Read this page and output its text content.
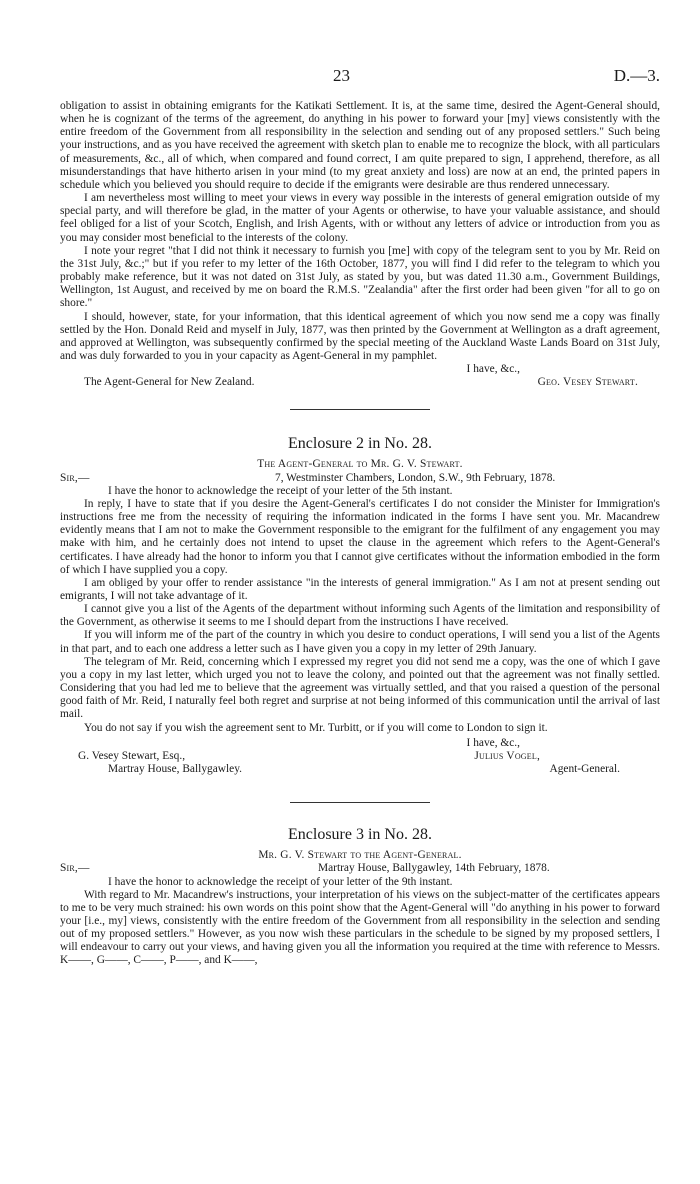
23	D.—3.

obligation to assist in obtaining emigrants for the Katikati Settlement. It is, at the same time, desired the Agent-General should, when he is cognizant of the terms of the agreement, do anything in his power to forward your [my] views consistently with the entire freedom of the Government from all responsibility in the selection and sending out of any proposed settlers." Such being your instructions, and as you have received the agreement with sketch plan to enable me to recognize the block, with all particulars of measurements, &c., all of which, when compared and found correct, I am quite prepared to sign, I apprehend, therefore, as all misunderstandings that have hitherto arisen in your mind (to my great anxiety and loss) are now at an end, the printed papers in schedule which you believed you should require to decide if the emigrants were desirable are thus rendered unnecessary.

I am nevertheless most willing to meet your views in every way possible in the interests of general emigration outside of my special party, and will therefore be glad, in the matter of your Agents or otherwise, to have your valuable assistance, and should feel obliged for a list of your Scotch, English, and Irish Agents, with or without any letters of advice or introduction from you as you may consider most beneficial to the interests of the colony.

I note your regret "that I did not think it necessary to furnish you [me] with copy of the telegram sent to you by Mr. Reid on the 31st July, &c.;" but if you refer to my letter of the 16th October, 1877, you will find I did refer to the telegram to which you probably make reference, but it was not dated on 31st July, as stated by you, but was dated 11.30 a.m., Government Buildings, Wellington, 1st August, and received by me on board the R.M.S. "Zealandia" after the first order had been given "for all to go on shore."

I should, however, state, for your information, that this identical agreement of which you now send me a copy was finally settled by the Hon. Donald Reid and myself in July, 1877, was then printed by the Government at Wellington as a draft agreement, and approved at Wellington, was subsequently confirmed by the special meeting of the Auckland Waste Lands Board on 31st July, and was duly forwarded to you in your capacity as Agent-General in my pamphlet.

I have, &c.,
The Agent-General for New Zealand.	Geo. Vesey Stewart.
Enclosure 2 in No. 28.
The Agent-General to Mr. G. V. Stewart.
Sir,—	7, Westminster Chambers, London, S.W., 9th February, 1878.

I have the honor to acknowledge the receipt of your letter of the 5th instant.

In reply, I have to state that if you desire the Agent-General's certificates I do not consider the Minister for Immigration's instructions free me from the necessity of requiring the information indicated in the forms I have sent you. Mr. Macandrew evidently means that I am not to make the Government responsible to the emigrant for the fulfilment of any engagement you may make with him, and he certainly does not intend to upset the clause in the agreement which refers to the Agent-General's certificates. I have already had the honor to inform you that I cannot give certificates without the information embodied in the form of which I have supplied you a copy.

I am obliged by your offer to render assistance "in the interests of general immigration." As I am not at present sending out emigrants, I will not take advantage of it.

I cannot give you a list of the Agents of the department without informing such Agents of the limitation and responsibility of the Government, as otherwise it seems to me I should depart from the instructions I have received.

If you will inform me of the part of the country in which you desire to conduct operations, I will send you a list of the Agents in that part, and to each one address a letter such as I have given you a copy in my letter of 29th January.

The telegram of Mr. Reid, concerning which I expressed my regret you did not send me a copy, was the one of which I gave you a copy in my last letter, which urged you not to leave the colony, and pointed out that the agreement was not finally settled. Considering that you had led me to believe that the agreement was virtually settled, and that you raised a question of the personal good faith of Mr. Reid, I naturally feel both regret and surprise at not being informed of this communication until the arrival of last mail.

You do not say if you wish the agreement sent to Mr. Turbitt, or if you will come to London to sign it.

I have, &c.,
G. Vesey Stewart, Esq.,	Julius Vogel,
Martray House, Ballygawley.	Agent-General.
Enclosure 3 in No. 28.
Mr. G. V. Stewart to the Agent-General.
Sir,—	Martray House, Ballygawley, 14th February, 1878.

I have the honor to acknowledge the receipt of your letter of the 9th instant.

With regard to Mr. Macandrew's instructions, your interpretation of his views on the subject-matter of the certificates appears to me to be very much strained: his own words on this point show that the Agent-General will "do anything in his power to forward your [i.e., my] views, consistently with the entire freedom of the Government from all responsibility in the selection and sending out of my proposed settlers." However, as you now wish these particulars in the schedule to be signed by my proposed settlers, I will endeavour to carry out your views, and having given you all the information you required at the time with reference to Messrs. K——, G——, C——, P——, and K——,
